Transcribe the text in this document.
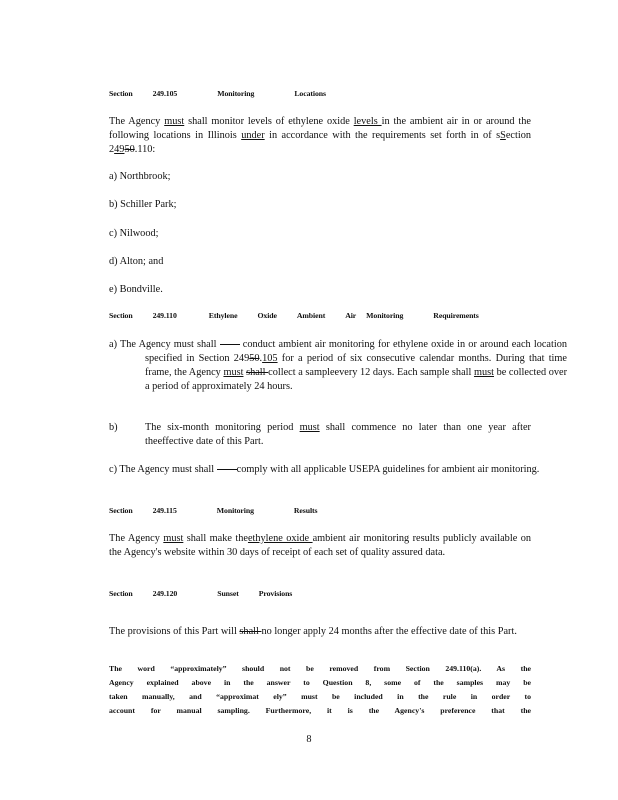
Section	249.105	Monitoring	Locations
The Agency must shall monitor levels of ethylene oxide levels in the ambient air in or around the following locations in Illinois under in accordance with the requirements set forth in of sSection 24950.110:
a) Northbrook;
b) Schiller Park;
c) Nilwood;
d) Alton; and
e) Bondville.
Section	249.110	Ethylene	Oxide	Ambient	Air Monitoring	Requirements
a) The Agency must shall  conduct ambient air monitoring for ethylene oxide in or around each location specified in Section 24950.105 for a period of six consecutive calendar months. During that time frame, the Agency must shall collect a sampleevery 12 days. Each sample shall must be collected over a period of approximately 24 hours.
b)	The six-month monitoring period must shall commence no later than one year after theeffective date of this Part.
c) The Agency must shall comply with all applicable USEPA guidelines for ambient air monitoring.
Section	249.115	Monitoring	Results
The Agency must shall make theethylene oxide ambient air monitoring results publicly available on the Agency's website within 30 days of receipt of each set of quality assured data.
Section	249.120	Sunset	Provisions
The provisions of this Part will shall no longer apply 24 months after the effective date of this Part.
The word “approximately” should not be removed from Section 249.110(a). As the
Agency explained above in the answer to Question 8, some of the samples may be
taken manually, and “approximat ely” must be included in the rule in order to
account for manual sampling. Furthermore, it is the Agency's preference that the
8
